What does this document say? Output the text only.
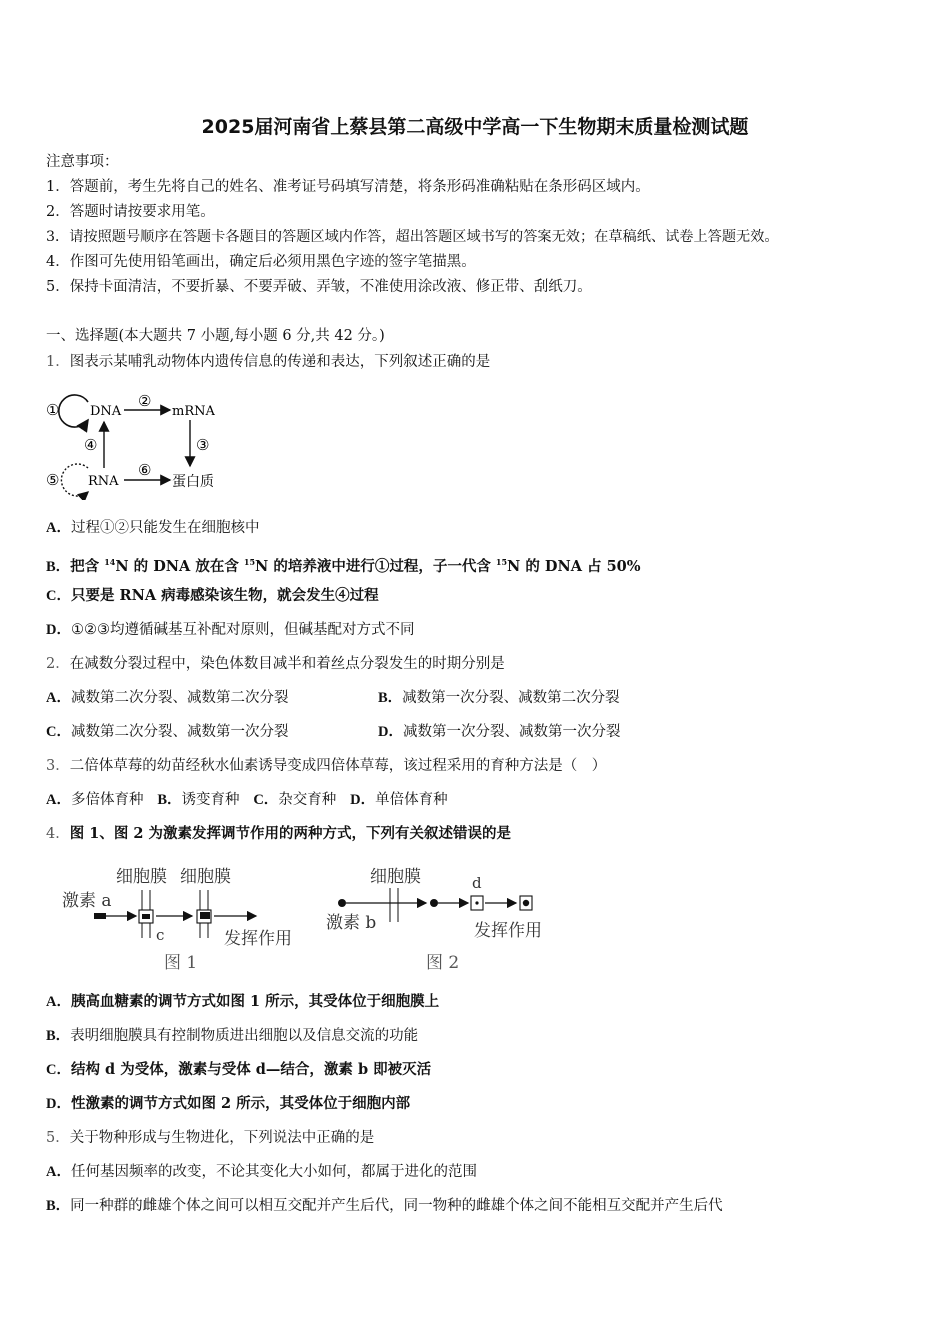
2025届河南省上蔡县第二高级中学高一下生物期末质量检测试题
注意事项：
1．答题前，考生先将自己的姓名、准考证号码填写清楚，将条形码准确粘贴在条形码区域内。
2．答题时请按要求用笔。
3．请按照题号顺序在答题卡各题目的答题区域内作答，超出答题区域书写的答案无效；在草稿纸、试卷上答题无效。
4．作图可先使用铅笔画出，确定后必须用黑色字迹的签字笔描黑。
5．保持卡面清洁，不要折暴、不要弄破、弄皱，不准使用涂改液、修正带、刮纸刀。
一、选择题(本大题共 7 小题,每小题 6 分,共 42 分。)
1．图表示某哺乳动物体内遗传信息的传递和表达，下列叙述正确的是
① DNA
②
mRNA
③
④
⑤ RNA
⑥
蛋白质
A．过程①②只能发生在细胞核中
B．把含 $^{14}$N 的 DNA 放在含 $^{15}$N 的培养液中进行①过程，子一代含 $^{15}$N 的 DNA 占 50%
C．只要是 RNA 病毒感染该生物，就会发生④过程
D．①②③均遵循碱基互补配对原则，但碱基配对方式不同
2．在减数分裂过程中，染色体数目减半和着丝点分裂发生的时期分别是
A．减数第二次分裂、减数第二次分裂	B．减数第一次分裂、减数第二次分裂
C．减数第二次分裂、减数第一次分裂	D．减数第一次分裂、减数第一次分裂
3．二倍体草莓的幼苗经秋水仙素诱导变成四倍体草莓，该过程采用的育种方法是（　）
A．多倍体育种 B．诱变育种 C．杂交育种 D．单倍体育种
4．图 1、图 2 为激素发挥调节作用的两种方式，下列有关叙述错误的是
细胞膜 细胞膜
激素 a
c	发挥作用
图 1
细胞膜
激素 b
d
发挥作用
图 2
A．胰高血糖素的调节方式如图 1 所示，其受体位于细胞膜上
B．表明细胞膜具有控制物质进出细胞以及信息交流的功能
C．结构 d 为受体，激素与受体 d—结合，激素 b 即被灭活
D．性激素的调节方式如图 2 所示，其受体位于细胞内部
5．关于物种形成与生物进化，下列说法中正确的是
A．任何基因频率的改变，不论其变化大小如何，都属于进化的范围
B．同一种群的雌雄个体之间可以相互交配并产生后代，同一物种的雌雄个体之间不能相互交配并产生后代
